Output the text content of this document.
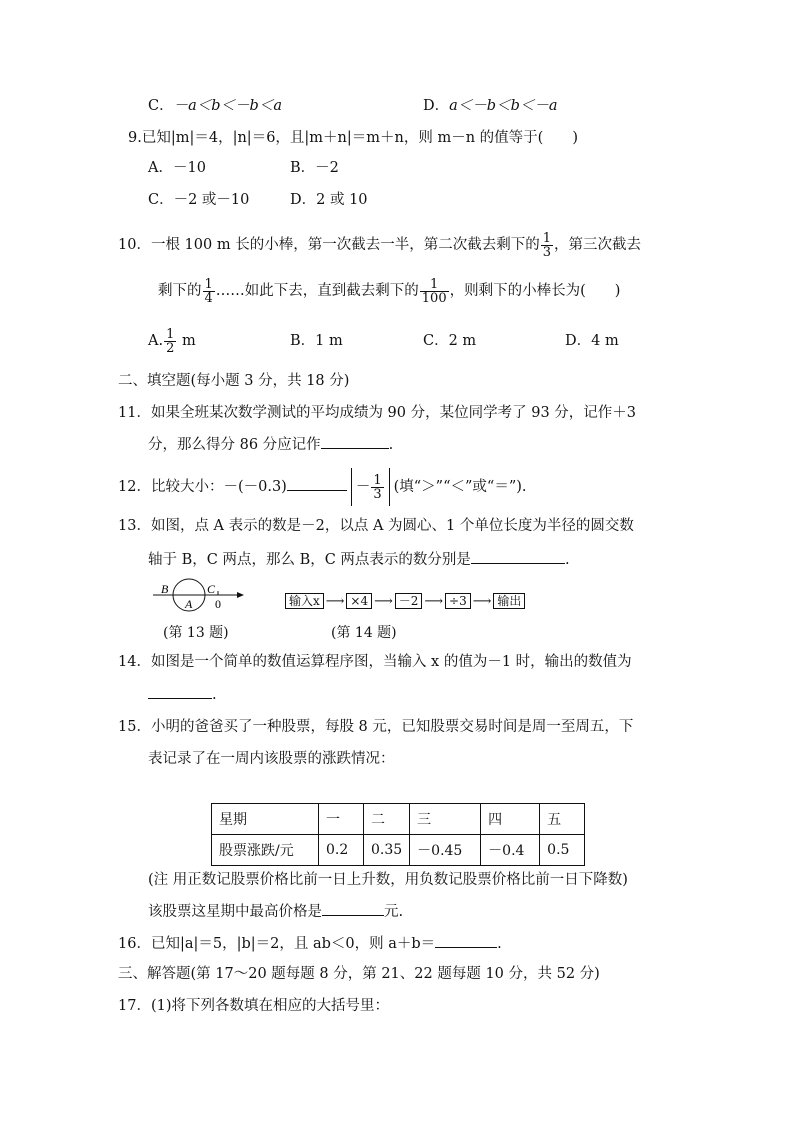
C．－a＜b＜－b＜a	D．a＜－b＜b＜－a
9.已知|m|＝4，|n|＝6，且|m＋n|＝m＋n，则 m－n 的值等于(　　)
A．－10	B．－2
C．－2 或－10	D．2 或 10
10．一根 100 m 长的小棒，第一次截去一半，第二次截去剩下的 $\frac{1}{3}$ ，第三次截去
剩下的 $\frac{1}{4}$ ……如此下去，直到截去剩下的 $\frac{1}{100}$ ，则剩下的小棒长为(　　)
A. $\frac{1}{2}$ m	B．1 m	C．2 m	D．4 m
二、填空题(每小题 3 分，共 18 分)
11．如果全班某次数学测试的平均成绩为 90 分，某位同学考了 93 分，记作＋3
分，那么得分 86 分应记作	.
12．比较大小：－(－0.3)	－ $\frac{1}{3}$ (填“＞”“＜”或“＝”).
13．如图，点 A 表示的数是－2，以点 A 为圆心、1 个单位长度为半径的圆交数
轴于 B，C 两点，那么 B，C 两点表示的数分别是	.
B
A
C
0	输入x ⟶ ×4 ⟶ －2 ⟶ ÷3 ⟶ 输出
(第 13 题)	(第 14 题)
14．如图是一个简单的数值运算程序图，当输入 x 的值为－1 时，输出的数值为
.
15．小明的爸爸买了一种股票，每股 8 元，已知股票交易时间是周一至周五，下
表记录了在一周内该股票的涨跌情况：
星期	一	二	三	四	五
股票涨跌/元	0.2	0.35	－0.45	－0.4	0.5
(注 用正数记股票价格比前一日上升数，用负数记股票价格比前一日下降数)
该股票这星期中最高价格是	元.
16．已知|a|＝5，|b|＝2，且 ab＜0，则 a＋b＝	.
三、解答题(第 17～20 题每题 8 分，第 21、22 题每题 10 分，共 52 分)
17．(1)将下列各数填在相应的大括号里：
